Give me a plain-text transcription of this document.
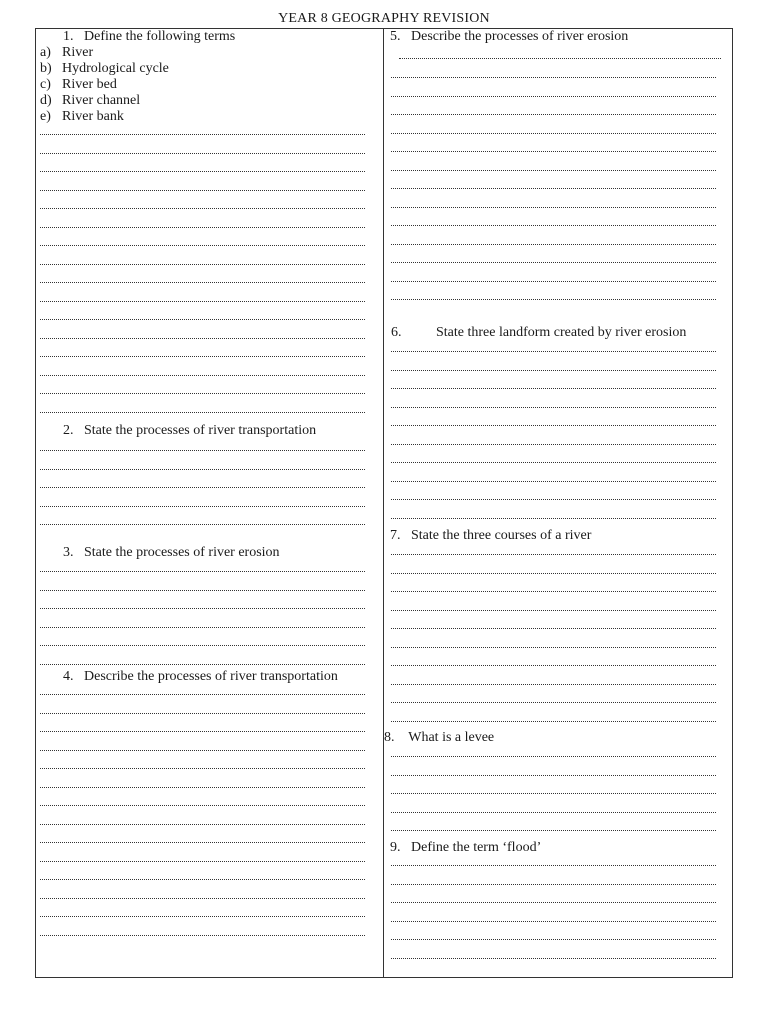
YEAR 8 GEOGRAPHY REVISION
1. Define the following terms
a) River
b) Hydrological cycle
c) River bed
d) River channel
e) River bank
2. State the processes of river transportation
3. State the processes of river erosion
4. Describe the processes of river transportation
5. Describe the processes of river erosion
6. State three landform created by river erosion
7. State the three courses of a river
8. What is a levee
9. Define the term ‘flood’
